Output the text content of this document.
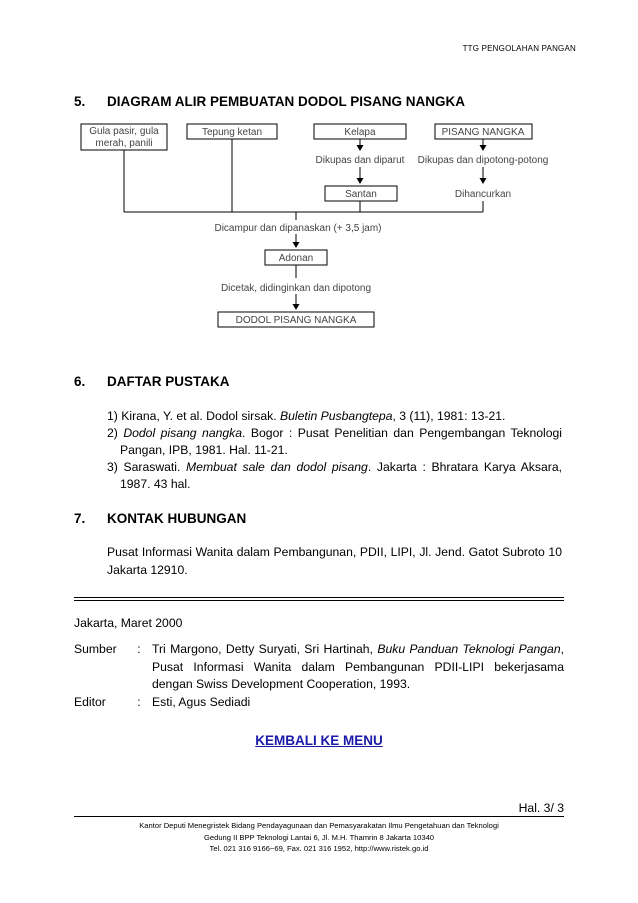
TTG PENGOLAHAN PANGAN
5. DIAGRAM ALIR PEMBUATAN DODOL PISANG NANGKA
Gula pasir, gula
merah, panili
Tepung ketan	Kelapa	PISANG NANGKA
Dikupas dan diparut Dikupas dan dipotong-potong
Santan	Dihancurkan
Dicampur dan dipanaskan (+ 3,5 jam)
Adonan
Dicetak, didinginkan dan dipotong
DODOL PISANG NANGKA
6. DAFTAR PUSTAKA
1) Kirana, Y. et al. Dodol sirsak. Buletin Pusbangtepa, 3 (11), 1981: 13-21.
2) Dodol pisang nangka. Bogor : Pusat Penelitian dan Pengembangan Teknologi Pangan, IPB, 1981. Hal. 11-21.
3) Saraswati. Membuat sale dan dodol pisang. Jakarta : Bhratara Karya Aksara, 1987. 43 hal.
7. KONTAK HUBUNGAN
Pusat Informasi Wanita dalam Pembangunan, PDII, LIPI, Jl. Jend. Gatot Subroto 10 Jakarta 12910.
Jakarta, Maret 2000
Sumber	:	Tri Margono, Detty Suryati, Sri Hartinah, Buku Panduan Teknologi Pangan, Pusat Informasi Wanita dalam Pembangunan PDII-LIPI bekerjasama dengan Swiss Development Cooperation, 1993.
Editor	:	Esti, Agus Sediadi
KEMBALI KE MENU
Hal. 3/ 3
Kantor Deputi Menegristek Bidang Pendayagunaan dan Pemasyarakatan Ilmu Pengetahuan dan Teknologi
Gedung II BPP Teknologi Lantai 6, Jl. M.H. Thamrin 8 Jakarta 10340
Tel. 021 316 9166~69, Fax. 021 316 1952, http://www.ristek.go.id
